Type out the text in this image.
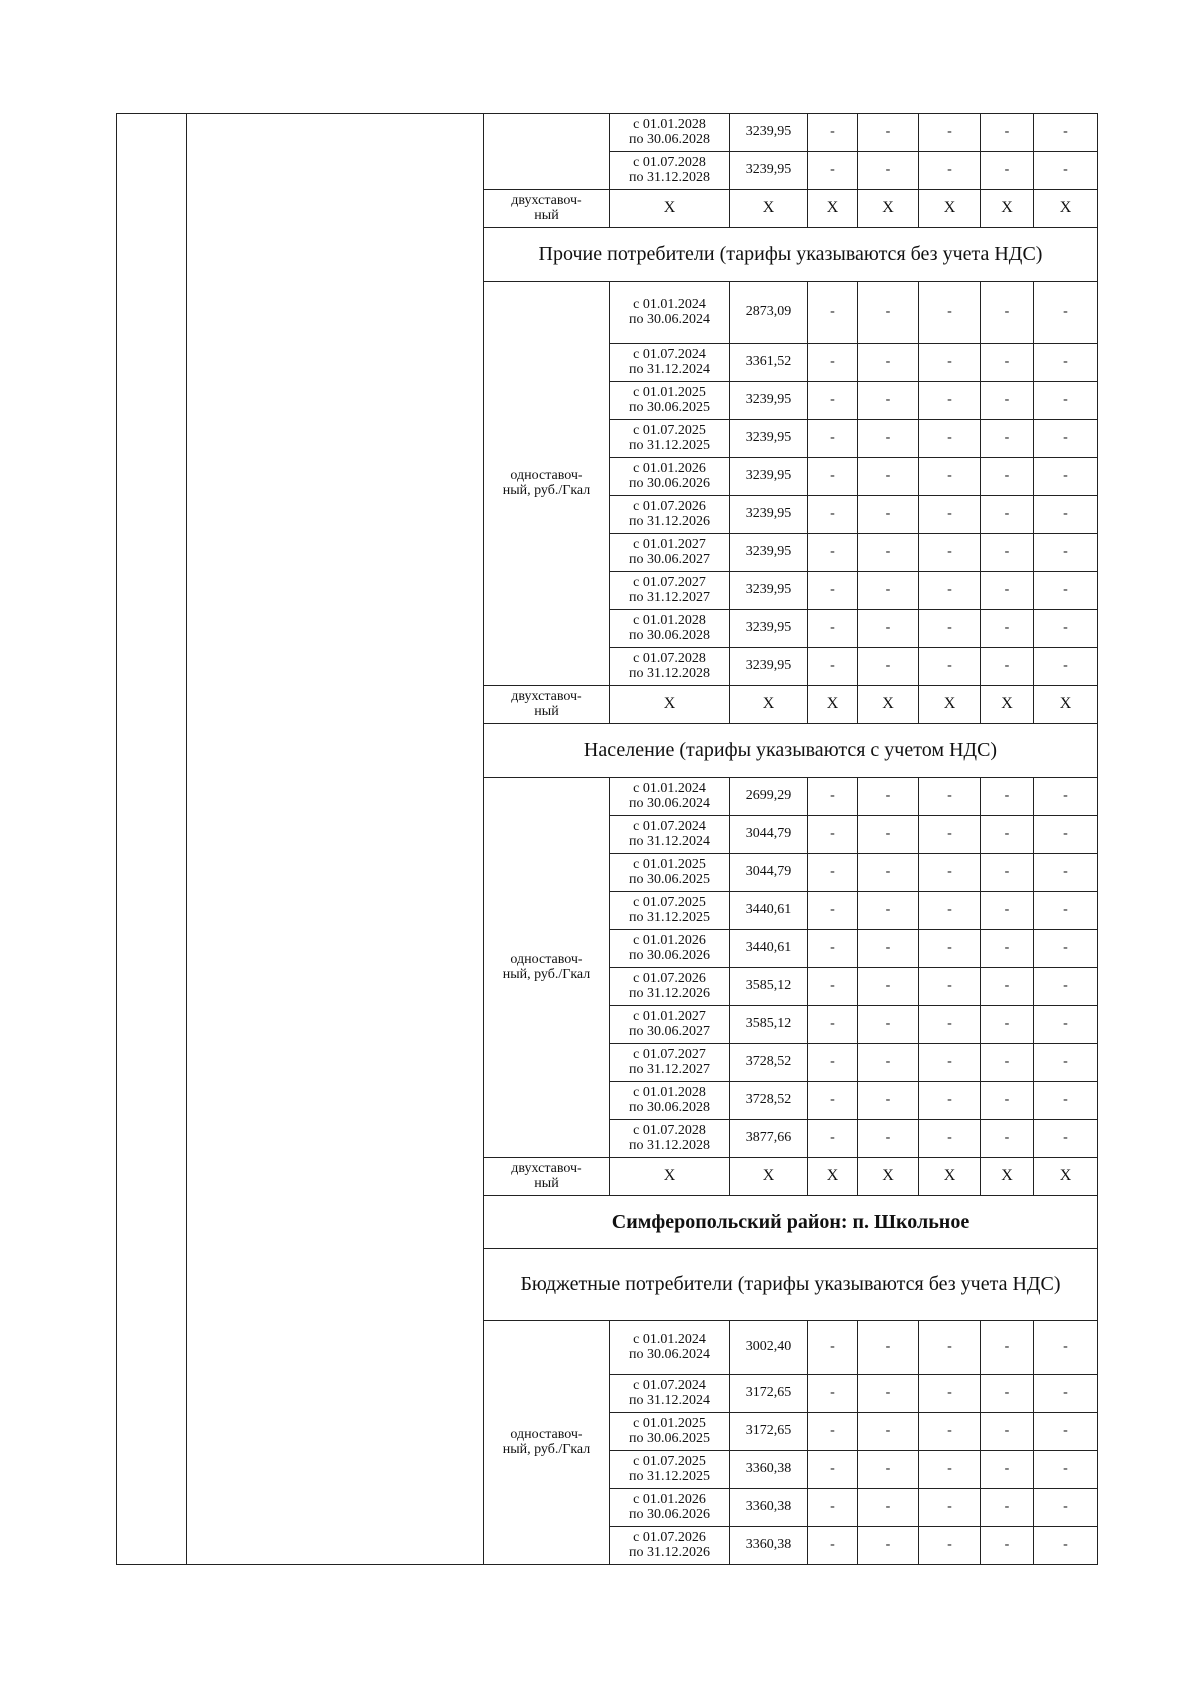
			с 01.01.2028
по 30.06.2028	3239,95	-	-	-	-	-
			с 01.07.2028
по 31.12.2028	3239,95	-	-	-	-	-
		двухставоч-
ный	Х	Х	Х	Х	Х	Х	Х
		Прочие потребители (тарифы указываются без учета НДС)							
		одноставоч-
ный, руб./Гкал	с 01.01.2024
по 30.06.2024	2873,09	-	-	-	-	-
			с 01.07.2024
по 31.12.2024	3361,52	-	-	-	-	-
			с 01.01.2025
по 30.06.2025	3239,95	-	-	-	-	-
			с 01.07.2025
по 31.12.2025	3239,95	-	-	-	-	-
			с 01.01.2026
по 30.06.2026	3239,95	-	-	-	-	-
			с 01.07.2026
по 31.12.2026	3239,95	-	-	-	-	-
			с 01.01.2027
по 30.06.2027	3239,95	-	-	-	-	-
			с 01.07.2027
по 31.12.2027	3239,95	-	-	-	-	-
			с 01.01.2028
по 30.06.2028	3239,95	-	-	-	-	-
			с 01.07.2028
по 31.12.2028	3239,95	-	-	-	-	-
		двухставоч-
ный	Х	Х	Х	Х	Х	Х	Х
		Население (тарифы указываются с учетом НДС)							
		одноставоч-
ный, руб./Гкал	с 01.01.2024
по 30.06.2024	2699,29	-	-	-	-	-
			с 01.07.2024
по 31.12.2024	3044,79	-	-	-	-	-
			с 01.01.2025
по 30.06.2025	3044,79	-	-	-	-	-
			с 01.07.2025
по 31.12.2025	3440,61	-	-	-	-	-
			с 01.01.2026
по 30.06.2026	3440,61	-	-	-	-	-
			с 01.07.2026
по 31.12.2026	3585,12	-	-	-	-	-
			с 01.01.2027
по 30.06.2027	3585,12	-	-	-	-	-
			с 01.07.2027
по 31.12.2027	3728,52	-	-	-	-	-
			с 01.01.2028
по 30.06.2028	3728,52	-	-	-	-	-
			с 01.07.2028
по 31.12.2028	3877,66	-	-	-	-	-
		двухставоч-
ный	Х	Х	Х	Х	Х	Х	Х
		Симферопольский район: п. Школьное							
		Бюджетные потребители (тарифы указываются без учета НДС)							
		одноставоч-
ный, руб./Гкал	с 01.01.2024
по 30.06.2024	3002,40	-	-	-	-	-
			с 01.07.2024
по 31.12.2024	3172,65	-	-	-	-	-
			с 01.01.2025
по 30.06.2025	3172,65	-	-	-	-	-
			с 01.07.2025
по 31.12.2025	3360,38	-	-	-	-	-
			с 01.01.2026
по 30.06.2026	3360,38	-	-	-	-	-
			с 01.07.2026
по 31.12.2026	3360,38	-	-	-	-	-
